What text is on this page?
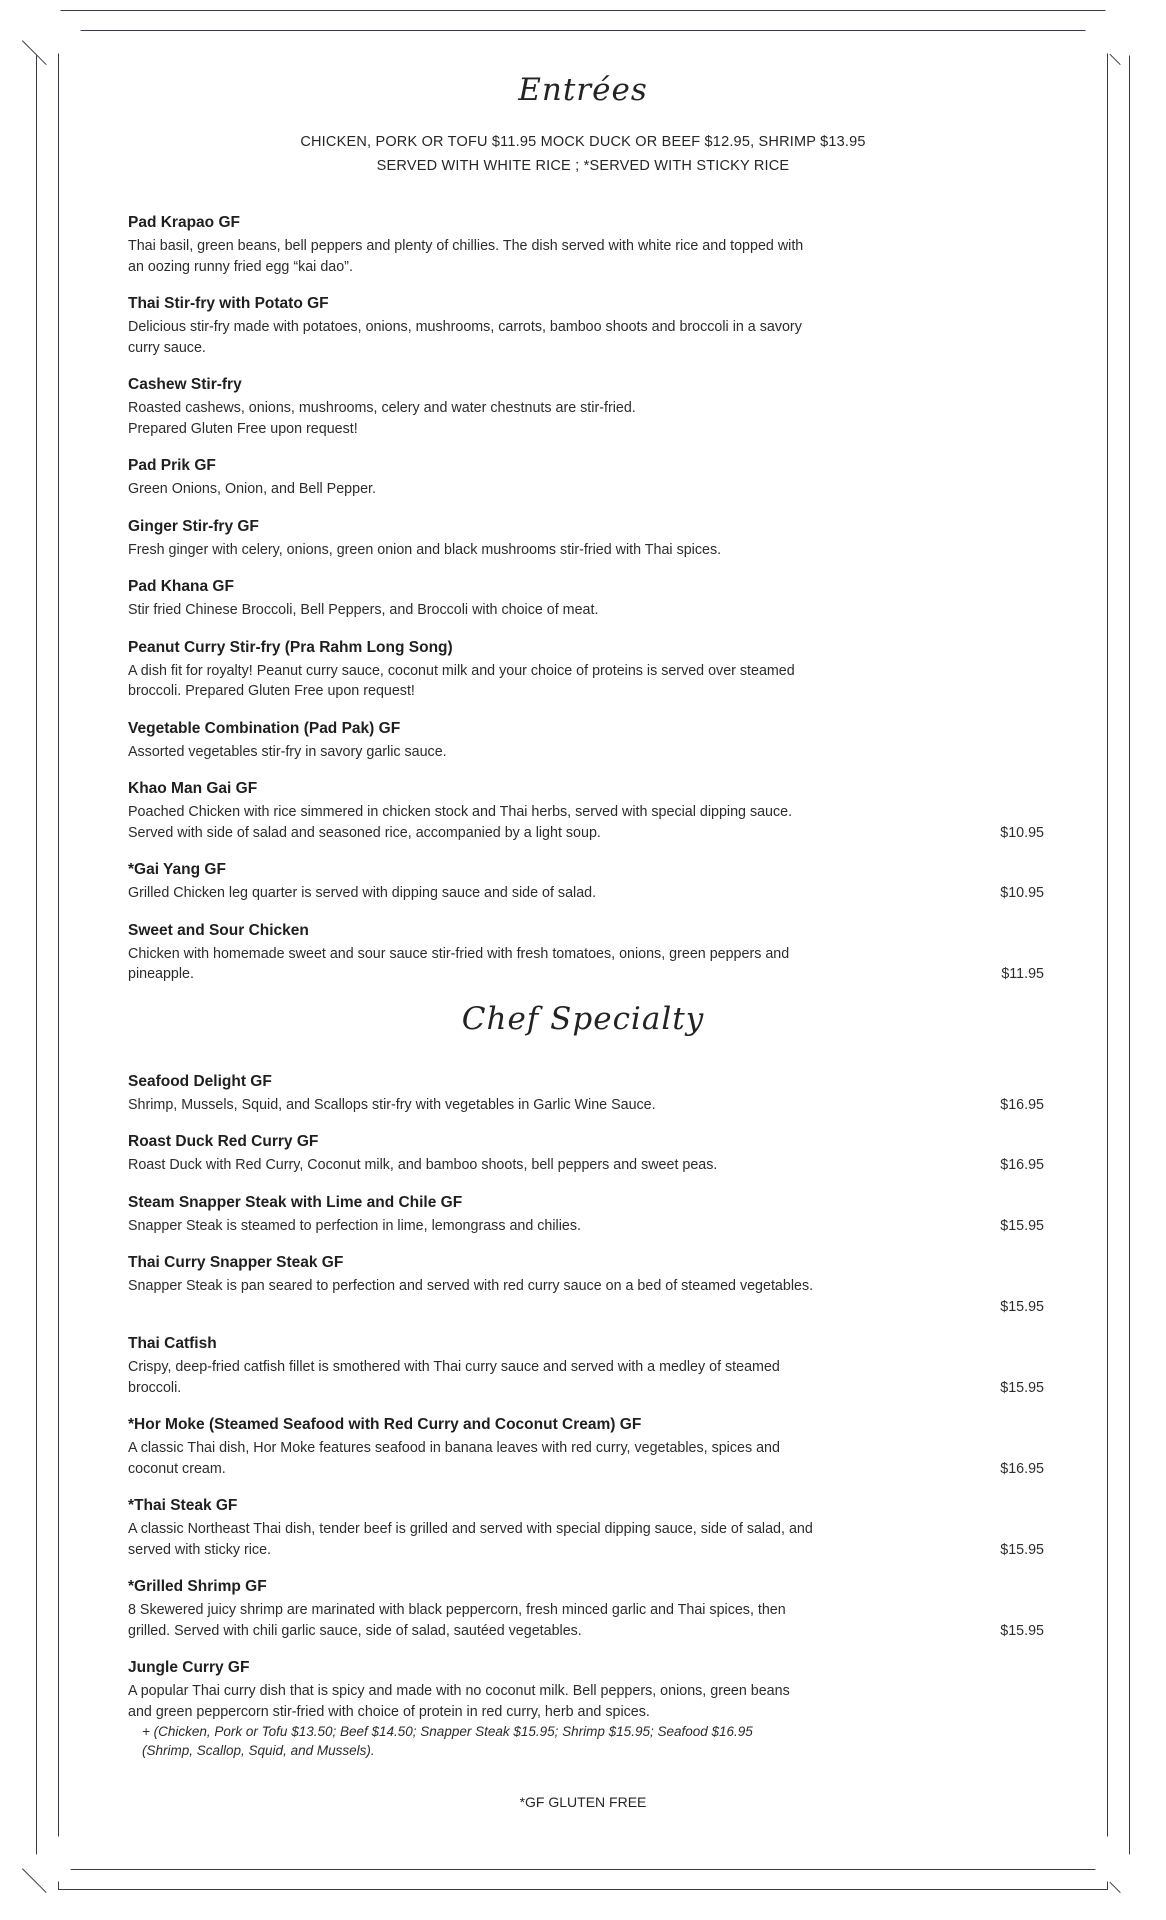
Entrées
CHICKEN, PORK OR TOFU $11.95 MOCK DUCK OR BEEF $12.95, SHRIMP $13.95
SERVED WITH WHITE RICE ; *SERVED WITH STICKY RICE
Pad Krapao GF
Thai basil, green beans, bell peppers and plenty of chillies. The dish served with white rice and topped with
an oozing runny fried egg “kai dao”.
Thai Stir-fry with Potato GF
Delicious stir-fry made with potatoes, onions, mushrooms, carrots, bamboo shoots and broccoli in a savory
curry sauce.
Cashew Stir-fry
Roasted cashews, onions, mushrooms, celery and water chestnuts are stir-fried.
Prepared Gluten Free upon request!
Pad Prik GF
Green Onions, Onion, and Bell Pepper.
Ginger Stir-fry GF
Fresh ginger with celery, onions, green onion and black mushrooms stir-fried with Thai spices.
Pad Khana GF
Stir fried Chinese Broccoli, Bell Peppers, and Broccoli with choice of meat.
Peanut Curry Stir-fry (Pra Rahm Long Song)
A dish fit for royalty! Peanut curry sauce, coconut milk and your choice of proteins is served over steamed
broccoli. Prepared Gluten Free upon request!
Vegetable Combination (Pad Pak) GF
Assorted vegetables stir-fry in savory garlic sauce.
Khao Man Gai GF
Poached Chicken with rice simmered in chicken stock and Thai herbs, served with special dipping sauce.
Served with side of salad and seasoned rice, accompanied by a light soup.	$10.95
*Gai Yang GF
Grilled Chicken leg quarter is served with dipping sauce and side of salad.	$10.95
Sweet and Sour Chicken
Chicken with homemade sweet and sour sauce stir-fried with fresh tomatoes, onions, green peppers and
pineapple.	$11.95
Chef Specialty
Seafood Delight GF
Shrimp, Mussels, Squid, and Scallops stir-fry with vegetables in Garlic Wine Sauce.	$16.95
Roast Duck Red Curry GF
Roast Duck with Red Curry, Coconut milk, and bamboo shoots, bell peppers and sweet peas.	$16.95
Steam Snapper Steak with Lime and Chile GF
Snapper Steak is steamed to perfection in lime, lemongrass and chilies.	$15.95
Thai Curry Snapper Steak GF
Snapper Steak is pan seared to perfection and served with red curry sauce on a bed of steamed vegetables.
$15.95
Thai Catfish
Crispy, deep-fried catfish fillet is smothered with Thai curry sauce and served with a medley of steamed
broccoli.	$15.95
*Hor Moke (Steamed Seafood with Red Curry and Coconut Cream) GF
A classic Thai dish, Hor Moke features seafood in banana leaves with red curry, vegetables, spices and
coconut cream.	$16.95
*Thai Steak GF
A classic Northeast Thai dish, tender beef is grilled and served with special dipping sauce, side of salad, and
served with sticky rice.	$15.95
*Grilled Shrimp GF
8 Skewered juicy shrimp are marinated with black peppercorn, fresh minced garlic and Thai spices, then
grilled. Served with chili garlic sauce, side of salad, sautéed vegetables.	$15.95
Jungle Curry GF
A popular Thai curry dish that is spicy and made with no coconut milk. Bell peppers, onions, green beans
and green peppercorn stir-fried with choice of protein in red curry, herb and spices.
+ (Chicken, Pork or Tofu $13.50; Beef $14.50; Snapper Steak $15.95; Shrimp $15.95; Seafood $16.95
(Shrimp, Scallop, Squid, and Mussels).
*GF GLUTEN FREE
